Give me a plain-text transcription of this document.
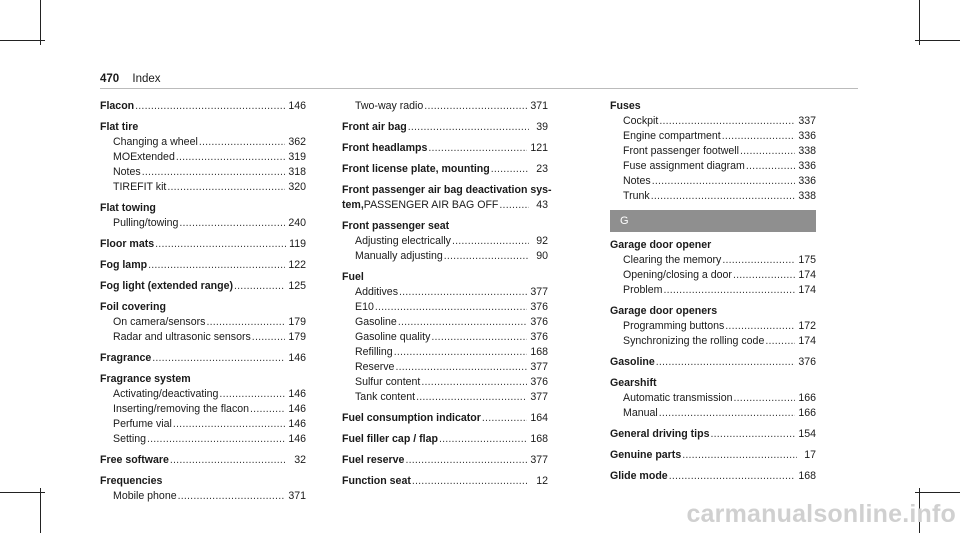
470 Index
Flacon .....	146
Flat tire
Changing a wheel .....	362
MOExtended .....	319
Notes .....	318
TIREFIT kit .....	320
Flat towing
Pulling/towing .....	240
Floor mats .....	119
Fog lamp .....	122
Fog light (extended range) .....	125
Foil covering
On camera/sensors .....	179
Radar and ultrasonic sensors .....	179
Fragrance .....	146
Fragrance system
Activating/deactivating .....	146
Inserting/removing the flacon .....	146
Perfume vial .....	146
Setting .....	146
Free software .....	32
Frequencies
Mobile phone .....	371
Two-way radio .....	371
Front air bag .....	39
Front headlamps .....	121
Front license plate, mounting .....	23
Front passenger air bag deactivation sys-
tem, PASSENGER AIR BAG OFF .....	43
Front passenger seat
Adjusting electrically .....	92
Manually adjusting .....	90
Fuel
Additives .....	377
E10 .....	376
Gasoline .....	376
Gasoline quality .....	376
Refilling .....	168
Reserve .....	377
Sulfur content .....	376
Tank content .....	377
Fuel consumption indicator .....	164
Fuel filler cap / flap .....	168
Fuel reserve .....	377
Function seat .....	12
Fuses
Cockpit .....	337
Engine compartment .....	336
Front passenger footwell .....	338
Fuse assignment diagram .....	336
Notes .....	336
Trunk .....	338
G
Garage door opener
Clearing the memory .....	175
Opening/closing a door .....	174
Problem .....	174
Garage door openers
Programming buttons .....	172
Synchronizing the rolling code .....	174
Gasoline .....	376
Gearshift
Automatic transmission .....	166
Manual .....	166
General driving tips .....	154
Genuine parts .....	17
Glide mode .....	168
carmanualsonline.info
